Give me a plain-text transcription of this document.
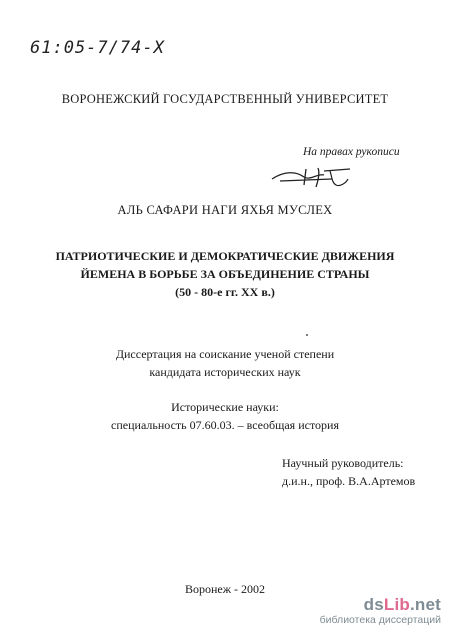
61:05-7/74-X
ВОРОНЕЖСКИЙ ГОСУДАРСТВЕННЫЙ УНИВЕРСИТЕТ
На правах рукописи
АЛЬ САФАРИ НАГИ ЯХЬЯ МУСЛЕХ
ПАТРИОТИЧЕСКИЕ И ДЕМОКРАТИЧЕСКИЕ ДВИЖЕНИЯ
ЙЕМЕНА В БОРЬБЕ ЗА ОБЪЕДИНЕНИЕ СТРАНЫ
(50 - 80-е гг. XX в.)
Диссертация на соискание ученой степени
кандидата исторических наук
Исторические науки:
специальность 07.60.03. – всеобщая история
Научный руководитель:
д.и.н., проф. В.А.Артемов
Воронеж - 2002
dsLib.net
библиотека диссертаций
